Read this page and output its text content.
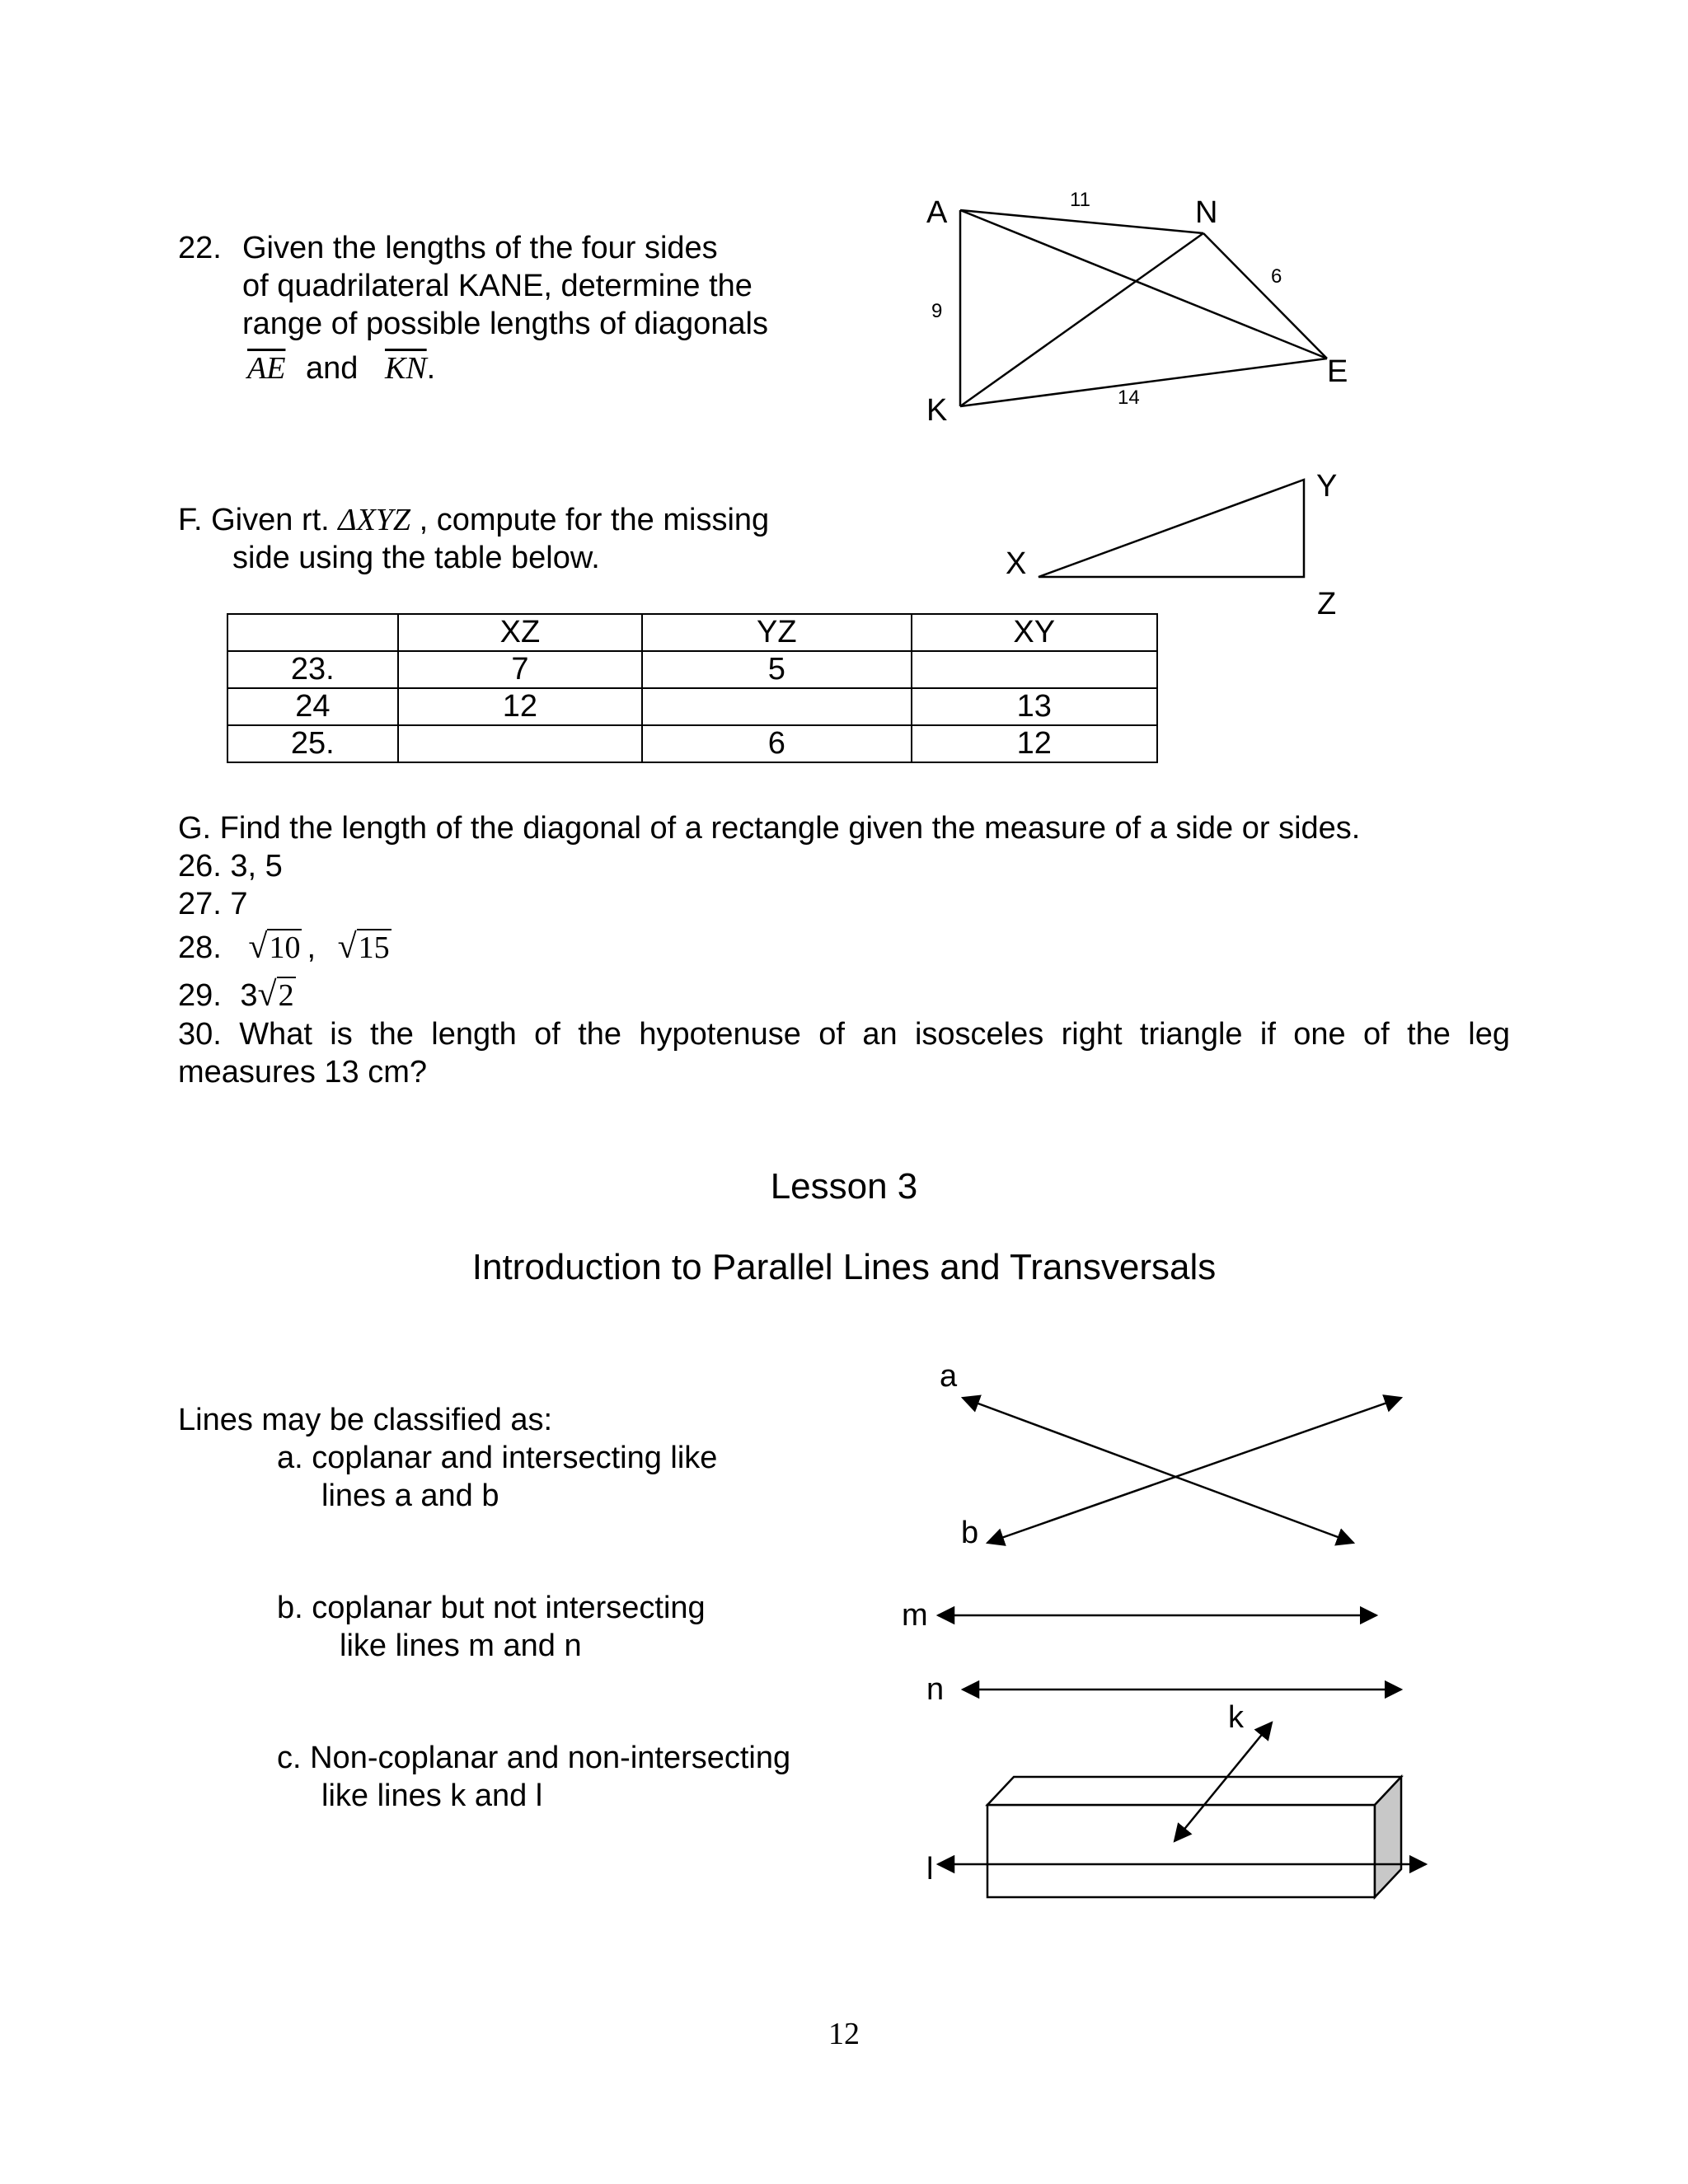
22. Given the lengths of the four sides
of quadrilateral KANE, determine the
range of possible lengths of diagonals
$\overline{AE}$ and $\overline{KN}$.
A	N
E
K
11
6
14
9
F. Given rt. ΔXYZ , compute for the missing
side using the table below.	X
Y
Z
	XZ	YZ	XY
23.	7	5	
24	12		13
25.		6	12
G. Find the length of the diagonal of a rectangle given the measure of a side or sides.
26. 3, 5
27. 7
28. √10 , √15
29. 3√2
30. What is the length of the hypotenuse of an isosceles right triangle if one of the leg
measures 13 cm?
Lesson 3
Introduction to Parallel Lines and Transversals
Lines may be classified as:
a. coplanar and intersecting like
lines a and b
b. coplanar but not intersecting
like lines m and n
c. Non-coplanar and non-intersecting
like lines k and l
a
b
m
n
k
l
12
